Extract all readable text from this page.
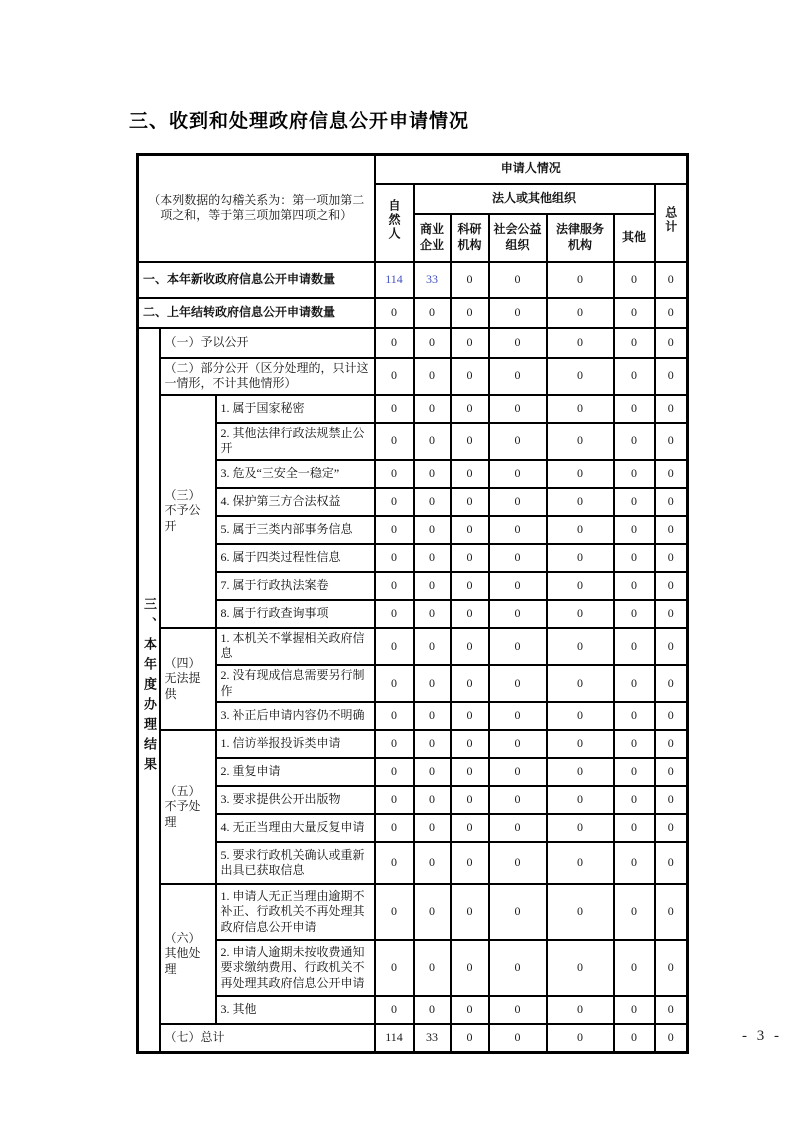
三、收到和处理政府信息公开申请情况
（本列数据的勾稽关系为：第一项加第二项之和，等于第三项加第四项之和）			申请人情况						
			自然人	法人或其他组织					总计
				商业企业	科研机构	社会公益组织	法律服务机构	其他	
一、本年新收政府信息公开申请数量			114	33	0	0	0	0	0
二、上年结转政府信息公开申请数量			0	0	0	0	0	0	0
三、本年度办理结果	（一）予以公开		0	0	0	0	0	0	0
	（二）部分公开（区分处理的，只计这一情形，不计其他情形）		0	0	0	0	0	0	0
	（三）不予公开	1. 属于国家秘密	0	0	0	0	0	0	0
		2. 其他法律行政法规禁止公开	0	0	0	0	0	0	0
		3. 危及“三安全一稳定”	0	0	0	0	0	0	0
		4. 保护第三方合法权益	0	0	0	0	0	0	0
		5. 属于三类内部事务信息	0	0	0	0	0	0	0
		6. 属于四类过程性信息	0	0	0	0	0	0	0
		7. 属于行政执法案卷	0	0	0	0	0	0	0
		8. 属于行政查询事项	0	0	0	0	0	0	0
	（四）无法提供	1. 本机关不掌握相关政府信息	0	0	0	0	0	0	0
		2. 没有现成信息需要另行制作	0	0	0	0	0	0	0
		3. 补正后申请内容仍不明确	0	0	0	0	0	0	0
	（五）不予处理	1. 信访举报投诉类申请	0	0	0	0	0	0	0
		2. 重复申请	0	0	0	0	0	0	0
		3. 要求提供公开出版物	0	0	0	0	0	0	0
		4. 无正当理由大量反复申请	0	0	0	0	0	0	0
		5. 要求行政机关确认或重新出具已获取信息	0	0	0	0	0	0	0
	（六）其他处理	1. 申请人无正当理由逾期不补正、行政机关不再处理其政府信息公开申请	0	0	0	0	0	0	0
		2. 申请人逾期未按收费通知要求缴纳费用、行政机关不再处理其政府信息公开申请	0	0	0	0	0	0	0
		3. 其他	0	0	0	0	0	0	0
	（七）总计		114	33	0	0	0	0	0	- 3 -
